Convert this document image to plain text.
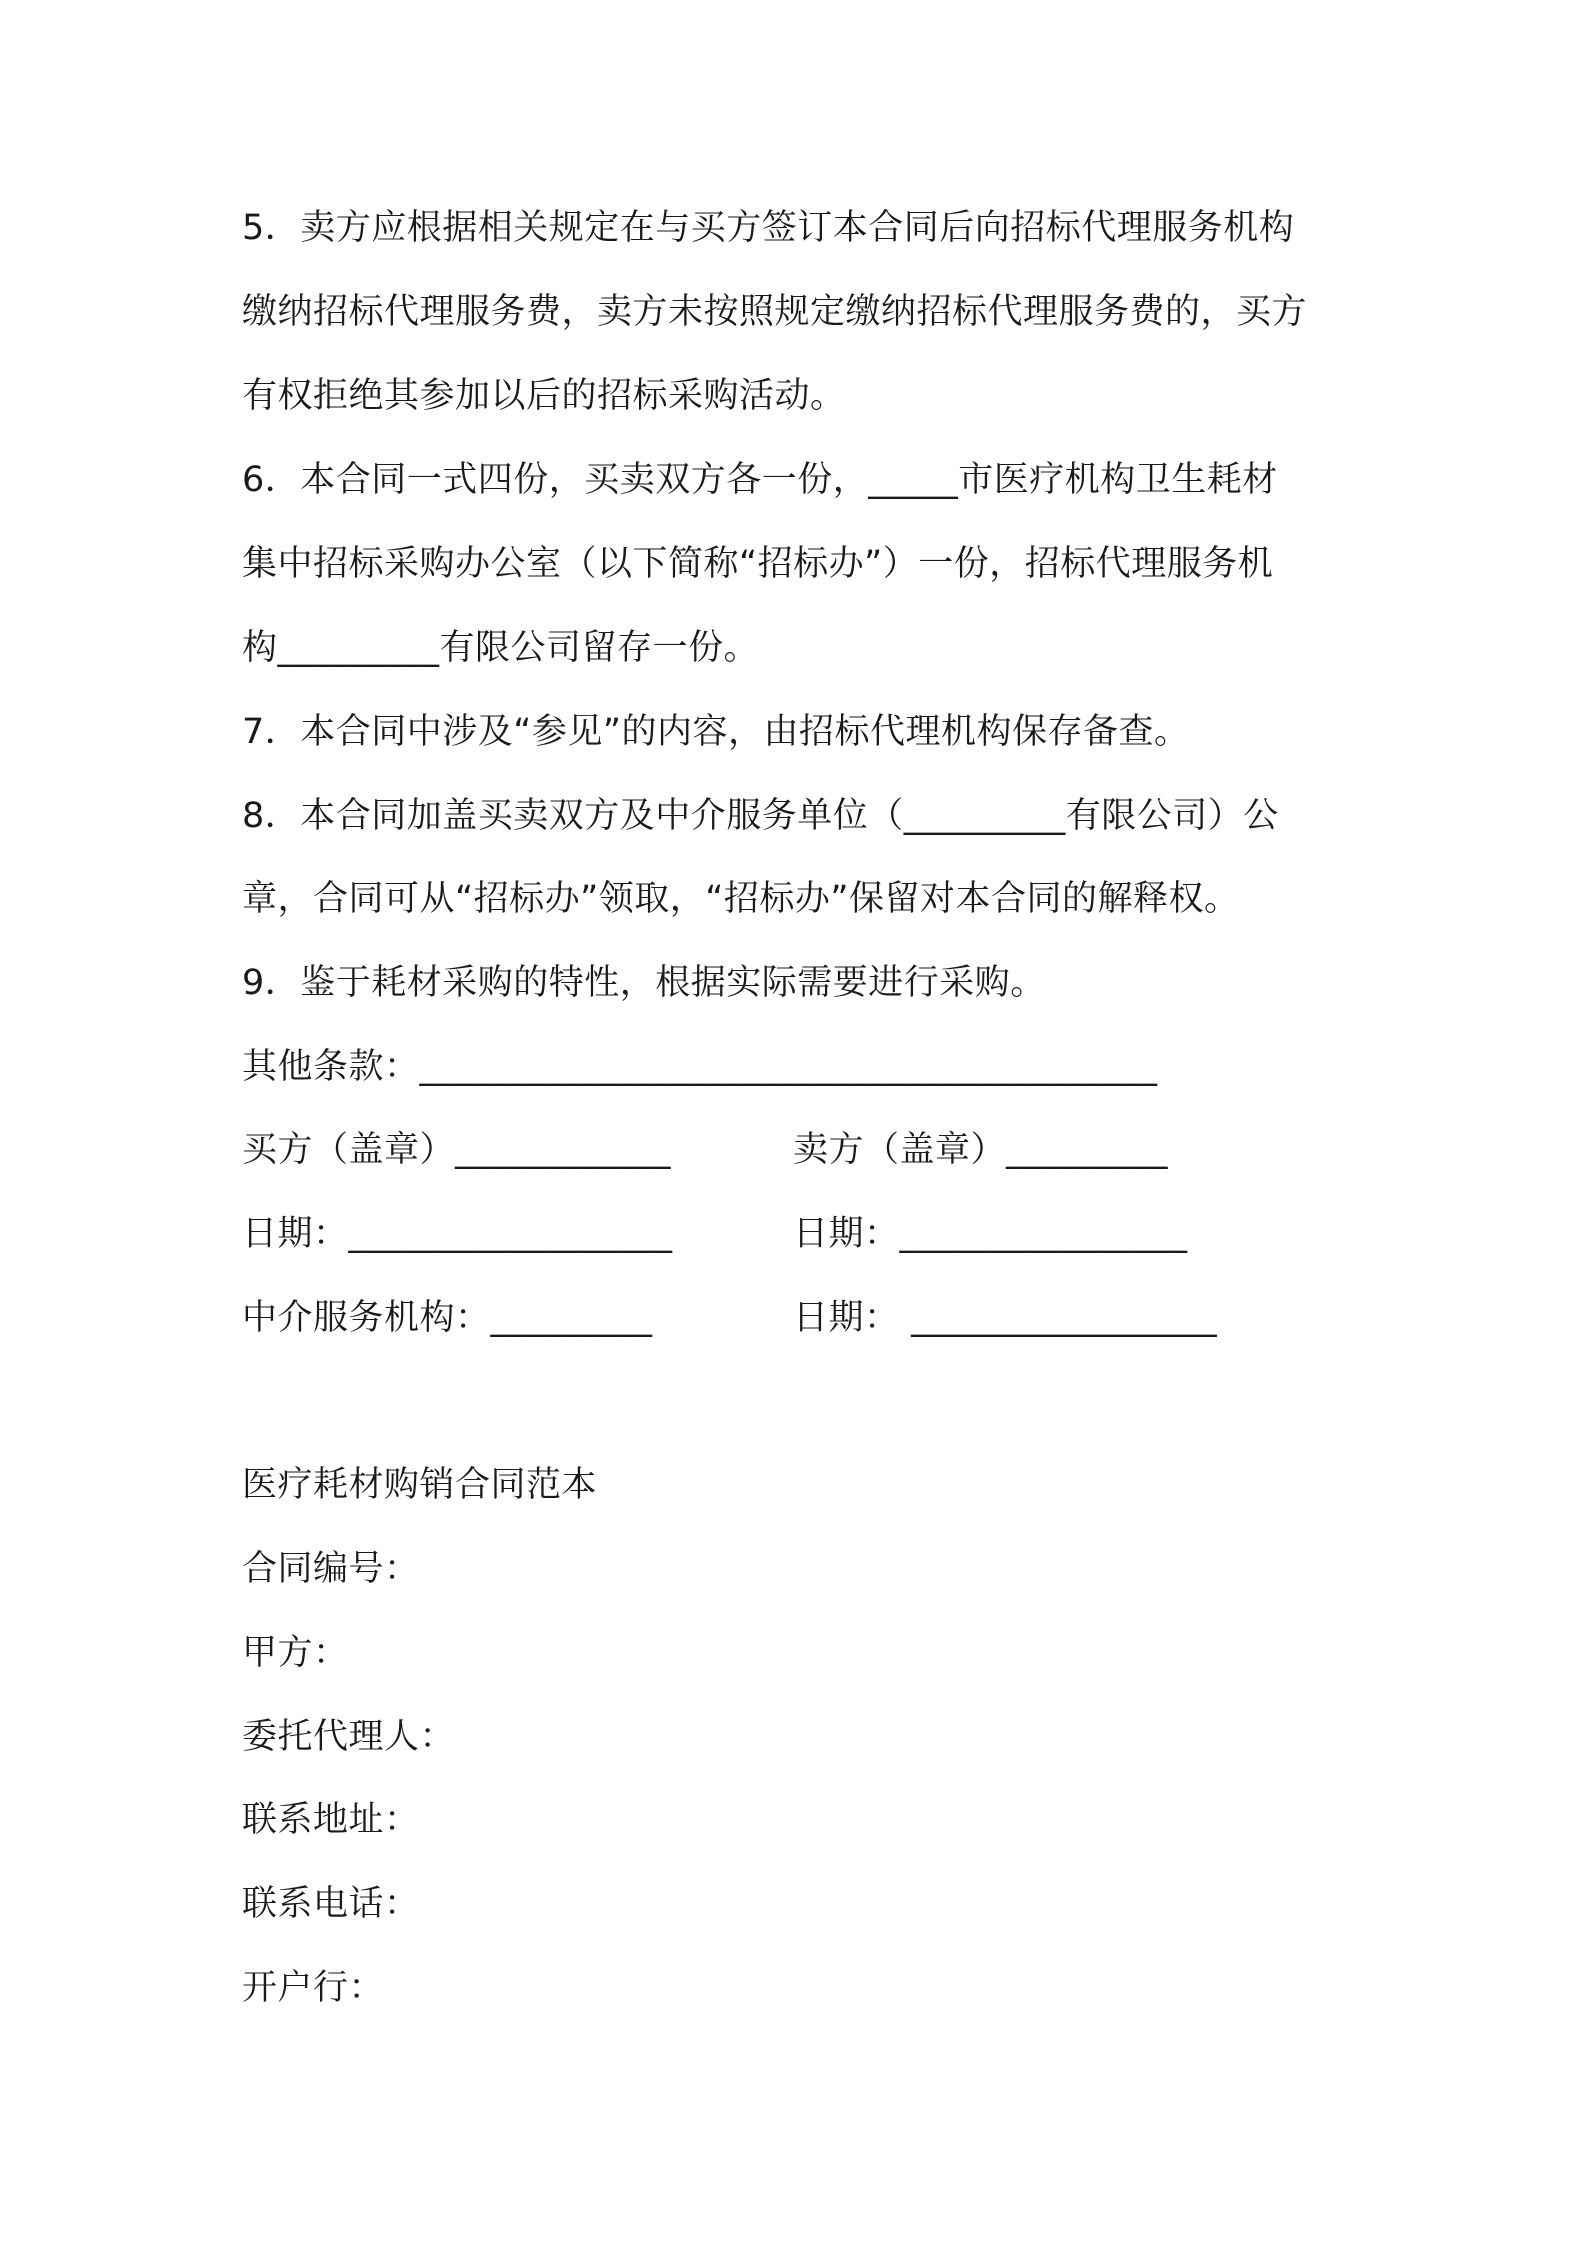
5．卖方应根据相关规定在与买方签订本合同后向招标代理服务机构
缴纳招标代理服务费，卖方未按照规定缴纳招标代理服务费的，买方
有权拒绝其参加以后的招标采购活动。
6．本合同一式四份，买卖双方各一份，_____市医疗机构卫生耗材
集中招标采购办公室（以下简称“招标办”）一份，招标代理服务机
构_________有限公司留存一份。
7．本合同中涉及“参见”的内容，由招标代理机构保存备查。
8．本合同加盖买卖双方及中介服务单位（_________有限公司）公
章，合同可从“招标办”领取，“招标办”保留对本合同的解释权。
9．鉴于耗材采购的特性，根据实际需要进行采购。
其他条款：_________________________________________
买方（盖章）____________	卖方（盖章）_________
日期：__________________	日期：________________
中介服务机构：_________	日期： _________________
医疗耗材购销合同范本
合同编号：
甲方：
委托代理人：
联系地址：
联系电话：
开户行：
